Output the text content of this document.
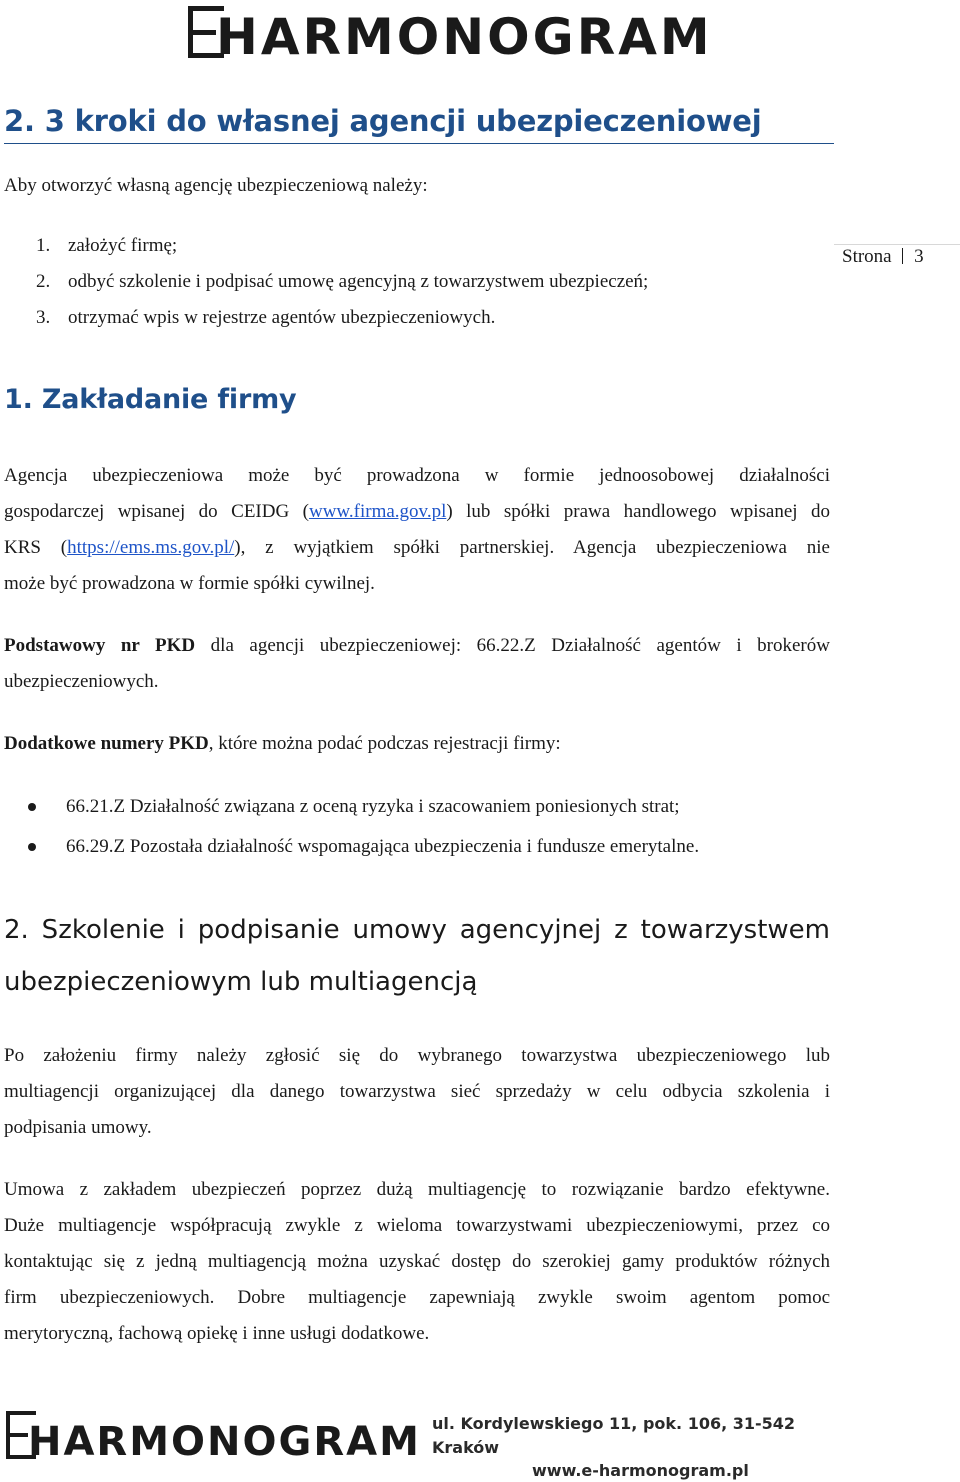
HARMONOGRAM
2. 3 kroki do własnej agencji ubezpieczeniowej

Aby otworzyć własną agencję ubezpieczeniową należy:

1. założyć firmę;
2. odbyć szkolenie i podpisać umowę agencyjną z towarzystwem ubezpieczeń;
3. otrzymać wpis w rejestrze agentów ubezpieczeniowych.
Strona 3
1. Zakładanie firmy
Agencja ubezpieczeniowa może być prowadzona w formie jednoosobowej działalności
gospodarczej wpisanej do CEIDG (www.firma.gov.pl) lub spółki prawa handlowego wpisanej do
KRS (https://ems.ms.gov.pl/), z wyjątkiem spółki partnerskiej. Agencja ubezpieczeniowa nie
może być prowadzona w formie spółki cywilnej.
Podstawowy nr PKD dla agencji ubezpieczeniowej: 66.22.Z Działalność agentów i brokerów
ubezpieczeniowych.
Dodatkowe numery PKD, które można podać podczas rejestracji firmy:
66.21.Z Działalność związana z oceną ryzyka i szacowaniem poniesionych strat;
66.29.Z Pozostała działalność wspomagająca ubezpieczenia i fundusze emerytalne.
2. Szkolenie i podpisanie umowy agencyjnej z towarzystwem
ubezpieczeniowym lub multiagencją
Po założeniu firmy należy zgłosić się do wybranego towarzystwa ubezpieczeniowego lub
multiagencji organizującej dla danego towarzystwa sieć sprzedaży w celu odbycia szkolenia i
podpisania umowy.
Umowa z zakładem ubezpieczeń poprzez dużą multiagencję to rozwiązanie bardzo efektywne.
Duże multiagencje współpracują zwykle z wieloma towarzystwami ubezpieczeniowymi, przez co
kontaktując się z jedną multiagencją można uzyskać dostęp do szerokiej gamy produktów różnych
firm ubezpieczeniowych. Dobre multiagencje zapewniają zwykle swoim agentom pomoc
merytoryczną, fachową opiekę i inne usługi dodatkowe.
HARMONOGRAM ul. Kordylewskiego 11, pok. 106, 31-542 Kraków
www.e-harmonogram.pl
